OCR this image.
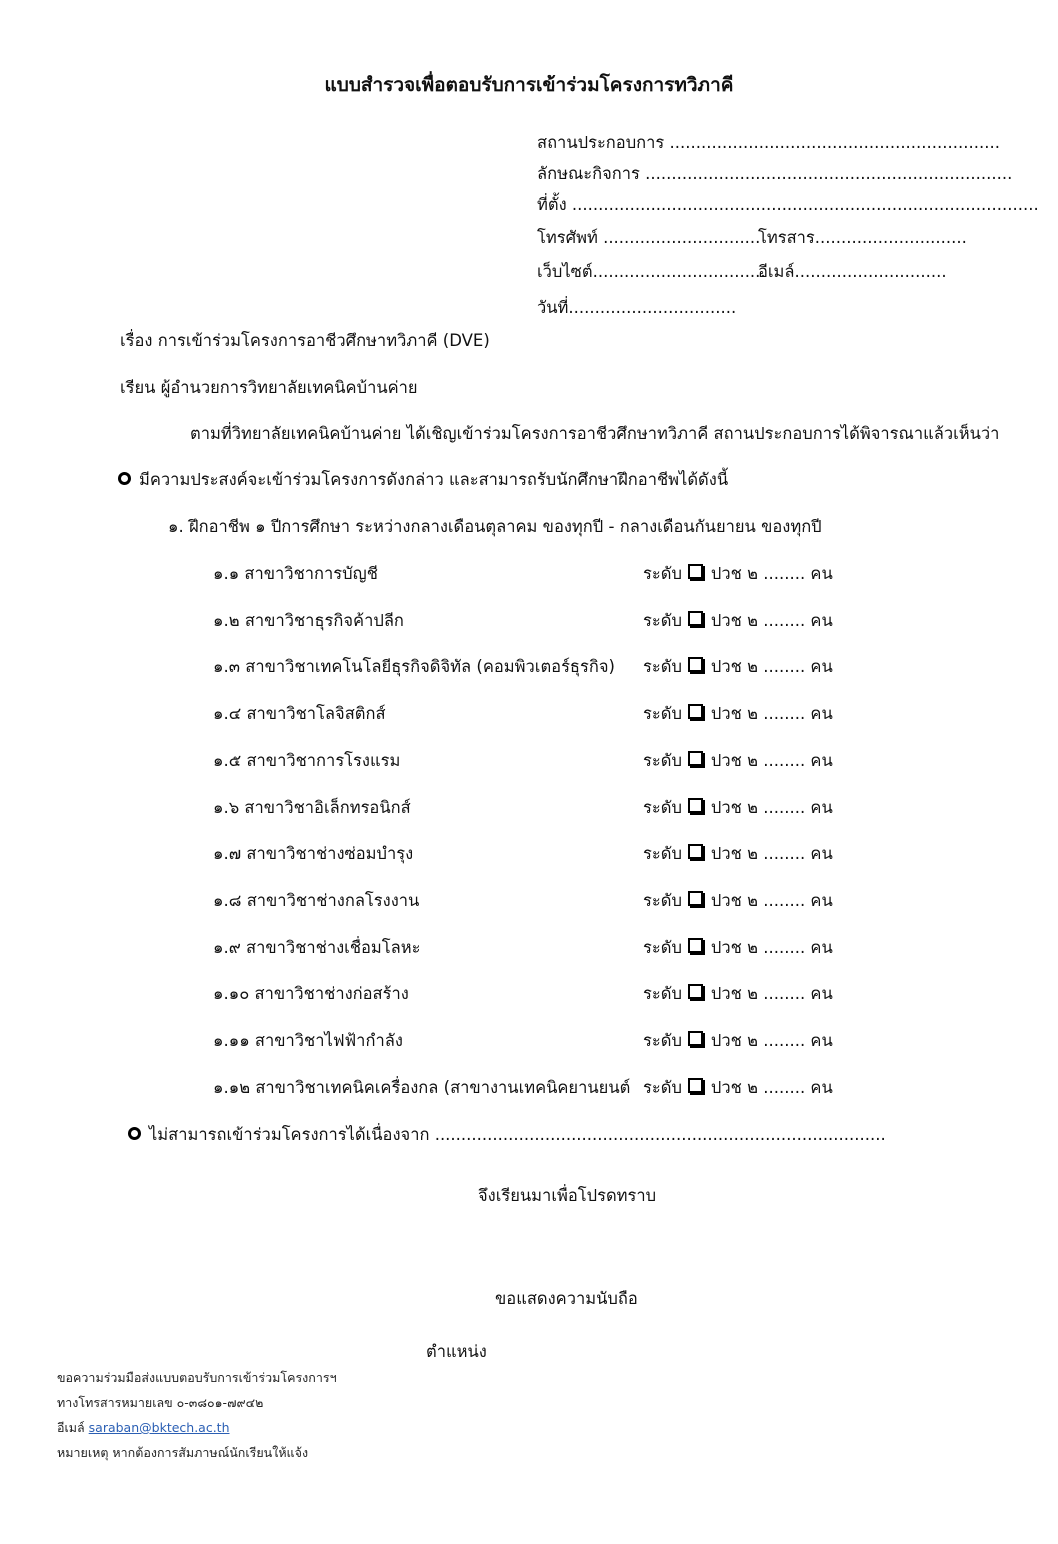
แบบสำรวจเพื่อตอบรับการเข้าร่วมโครงการทวิภาคี
สถานประกอบการ ...............................................................
ลักษณะกิจการ ......................................................................
ที่ตั้ง .........................................................................................
โทรศัพท์ ..............................
โทรสาร.............................
เว็บไซต์.................................
อีเมล์.............................
วันที่................................
เรื่อง การเข้าร่วมโครงการอาชีวศึกษาทวิภาคี (DVE)
เรียน ผู้อำนวยการวิทยาลัยเทคนิคบ้านค่าย
ตามที่วิทยาลัยเทคนิคบ้านค่าย ได้เชิญเข้าร่วมโครงการอาชีวศึกษาทวิภาคี สถานประกอบการได้พิจารณาแล้วเห็นว่า
มีความประสงค์จะเข้าร่วมโครงการดังกล่าว และสามารถรับนักศึกษาฝึกอาชีพได้ดังนี้
๑. ฝึกอาชีพ ๑ ปีการศึกษา ระหว่างกลางเดือนตุลาคม ของทุกปี - กลางเดือนกันยายน ของทุกปี
๑.๑ สาขาวิชาการบัญชี	ระดับ ปวช ๒ ........ คน
๑.๒ สาขาวิชาธุรกิจค้าปลีก	ระดับ ปวช ๒ ........ คน
๑.๓ สาขาวิชาเทคโนโลยีธุรกิจดิจิทัล (คอมพิวเตอร์ธุรกิจ) ระดับ ปวช ๒ ........ คน
๑.๔ สาขาวิชาโลจิสติกส์	ระดับ ปวช ๒ ........ คน
๑.๕ สาขาวิชาการโรงแรม	ระดับ ปวช ๒ ........ คน
๑.๖ สาขาวิชาอิเล็กทรอนิกส์	ระดับ ปวช ๒ ........ คน
๑.๗ สาขาวิชาช่างซ่อมบำรุง	ระดับ ปวช ๒ ........ คน
๑.๘ สาขาวิชาช่างกลโรงงาน	ระดับ ปวช ๒ ........ คน
๑.๙ สาขาวิชาช่างเชื่อมโลหะ	ระดับ ปวช ๒ ........ คน
๑.๑๐ สาขาวิชาช่างก่อสร้าง	ระดับ ปวช ๒ ........ คน
๑.๑๑ สาขาวิชาไฟฟ้ากำลัง	ระดับ ปวช ๒ ........ คน
๑.๑๒ สาขาวิชาเทคนิคเครื่องกล (สาขางานเทคนิคยานยนต์ ระดับ ปวช ๒ ........ คน
ไม่สามารถเข้าร่วมโครงการได้เนื่องจาก ......................................................................................
จึงเรียนมาเพื่อโปรดทราบ
ขอแสดงความนับถือ
ตำแหน่ง
ขอความร่วมมือส่งแบบตอบรับการเข้าร่วมโครงการฯ
ทางโทรสารหมายเลข ๐-๓๘๐๑-๗๙๔๒
อีเมล์ saraban@bktech.ac.th
หมายเหตุ หากต้องการสัมภาษณ์นักเรียนให้แจ้ง
